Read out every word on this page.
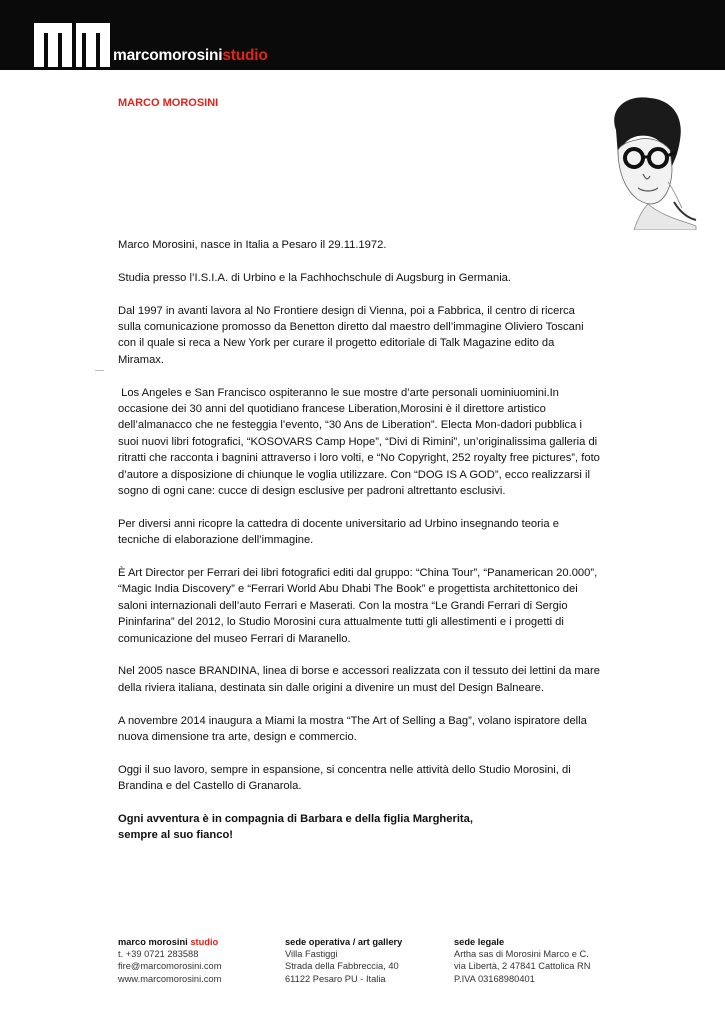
marcomorosinistudio
MARCO MOROSINI

Marco Morosini, nasce in Italia a Pesaro il 29.11.1972.

Studia presso l’I.S.I.A. di Urbino e la Fachhochschule di Augsburg in Germania.

Dal 1997 in avanti lavora al No Frontiere design di Vienna, poi a Fabbrica, il centro di ricerca sulla comunicazione promosso da Benetton diretto dal maestro dell’immagine Oliviero Toscani con il quale si reca a New York per curare il progetto editoriale di Talk Magazine edito da Miramax.

Los Angeles e San Francisco ospiteranno le sue mostre d’arte personali uominiuomini.In occasione dei 30 anni del quotidiano francese Liberation,Morosini è il direttore artistico dell’almanacco che ne festeggia l’evento, “30 Ans de Liberation”. Electa Mon-dadori pubblica i suoi nuovi libri fotografici, “KOSOVARS Camp Hope”, “Divi di Rimini”, un’originalissima galleria di ritratti che racconta i bagnini attraverso i loro volti, e “No Copyright, 252 royalty free pictures”, foto d’autore a disposizione di chiunque le voglia utilizzare. Con “DOG IS A GOD”, ecco realizzarsi il sogno di ogni cane: cucce di design esclusive per padroni altrettanto esclusivi.

Per diversi anni ricopre la cattedra di docente universitario ad Urbino insegnando teoria e tecniche di elaborazione dell’immagine.

È Art Director per Ferrari dei libri fotografici editi dal gruppo: “China Tour”, “Panamerican 20.000”, “Magic India Discovery” e “Ferrari World Abu Dhabi The Book” e progettista architettonico dei saloni internazionali dell’auto Ferrari e Maserati. Con la mostra “Le Grandi Ferrari di Sergio Pininfarina” del 2012, lo Studio Morosini cura attualmente tutti gli allestimenti e i progetti di comunicazione del museo Ferrari di Maranello.

Nel 2005 nasce BRANDINA, linea di borse e accessori realizzata con il tessuto dei lettini da mare della riviera italiana, destinata sin dalle origini a divenire un must del Design Balneare.

A novembre 2014 inaugura a Miami la mostra “The Art of Selling a Bag”, volano ispiratore della nuova dimensione tra arte, design e commercio.

Oggi il suo lavoro, sempre in espansione, si concentra nelle attività dello Studio Morosini, di Brandina e del Castello di Granarola.

Ogni avventura è in compagnia di Barbara e della figlia Margherita,
sempre al suo fianco!

marco morosini studio
t. +39 0721 283588
fire@marcomorosini.com
www.marcomorosini.com
sede operativa / art gallery
Villa Fastiggi
Strada della Fabbreccia, 40
61122 Pesaro PU - Italia
sede legale
Artha sas di Morosini Marco e C.
via Libertà, 2 47841 Cattolica RN
P.IVA 03168980401
